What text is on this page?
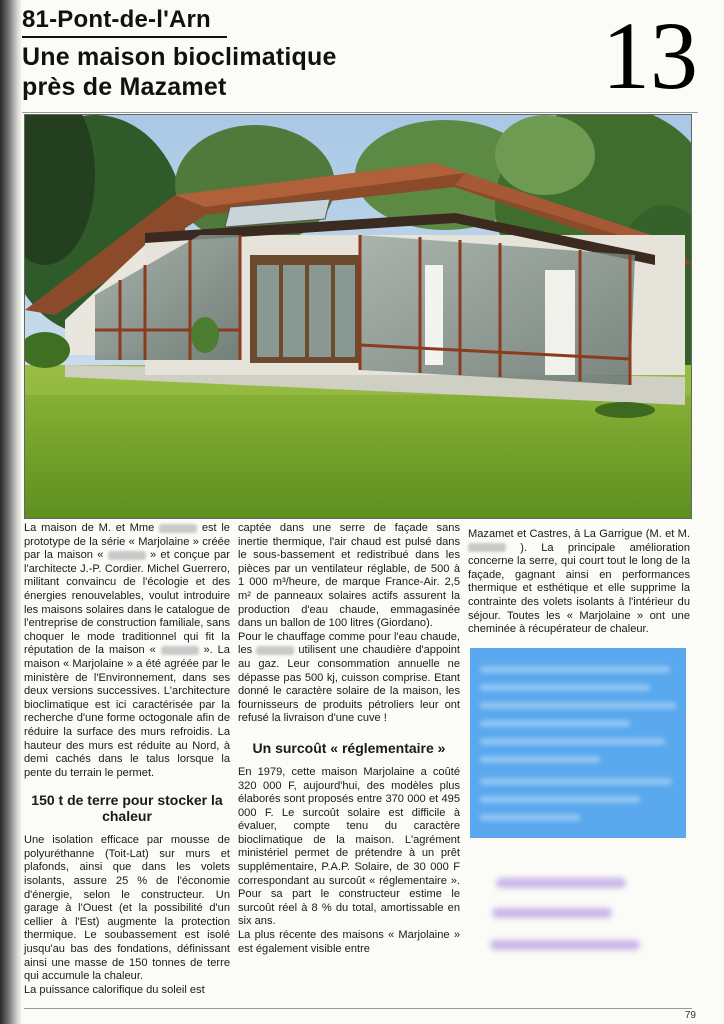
81-Pont-de-l'Arn
Une maison bioclimatique
près de Mazamet	13

La maison de M. et Mme	est le prototype de la série « Marjolaine » créée par la maison «	» et conçue par l'architecte J.-P. Cordier. Michel Guerrero, militant convaincu de l'écologie et des énergies renouvelables, voulut introduire les maisons solaires dans le catalogue de l'entreprise de construction familiale, sans choquer le mode traditionnel qui fit la réputation de la maison «	». La maison « Marjolaine » a été agréée par le ministère de l'Environnement, dans ses deux versions successives. L'architecture bioclimatique est ici caractérisée par la recherche d'une forme octogonale afin de réduire la surface des murs refroidis. La hauteur des murs est réduite au Nord, à demi cachés dans le talus lorsque la pente du terrain le permet.

150 t de terre pour stocker la chaleur

Une isolation efficace par mousse de polyuréthanne (Toit-Lat) sur murs et plafonds, ainsi que dans les volets isolants, assure 25 % de l'économie d'énergie, selon le constructeur. Un garage à l'Ouest (et la possibilité d'un cellier à l'Est) augmente la protection thermique. Le soubassement est isolé jusqu'au bas des fondations, définissant ainsi une masse de 150 tonnes de terre qui accumule la chaleur.

La puissance calorifique du soleil est

captée dans une serre de façade sans inertie thermique, l'air chaud est pulsé dans le sous-bassement et redistribué dans les pièces par un ventilateur réglable, de 500 à 1 000 m³/heure, de marque France-Air. 2,5 m² de panneaux solaires actifs assurent la production d'eau chaude, emmagasinée dans un ballon de 100 litres (Giordano).

Pour le chauffage comme pour l'eau chaude, les	utilisent une chaudière d'appoint au gaz. Leur consommation annuelle ne dépasse pas 500 kj, cuisson comprise. Etant donné le caractère solaire de la maison, les fournisseurs de produits pétroliers leur ont refusé la livraison d'une cuve !

Un surcoût « réglementaire »

En 1979, cette maison Marjolaine a coûté 320 000 F, aujourd'hui, des modèles plus élaborés sont proposés entre 370 000 et 495 000 F. Le surcoût solaire est difficile à évaluer, compte tenu du caractère bioclimatique de la maison. L'agrément ministériel permet de prétendre à un prêt supplémentaire, P.A.P. Solaire, de 30 000 F correspondant au surcoût « réglementaire ». Pour sa part le constructeur estime le surcoût réel à 8 % du total, amortissable en six ans.

La plus récente des maisons « Marjolaine » est également visible entre

Mazamet et Castres, à La Garrigue (M. et M.  ). La principale amélioration concerne la serre, qui court tout le long de la façade, gagnant ainsi en performances thermique et esthétique et elle supprime la contrainte des volets isolants à l'intérieur du séjour. Toutes les « Marjolaine » ont une cheminée à récupérateur de chaleur.

79
